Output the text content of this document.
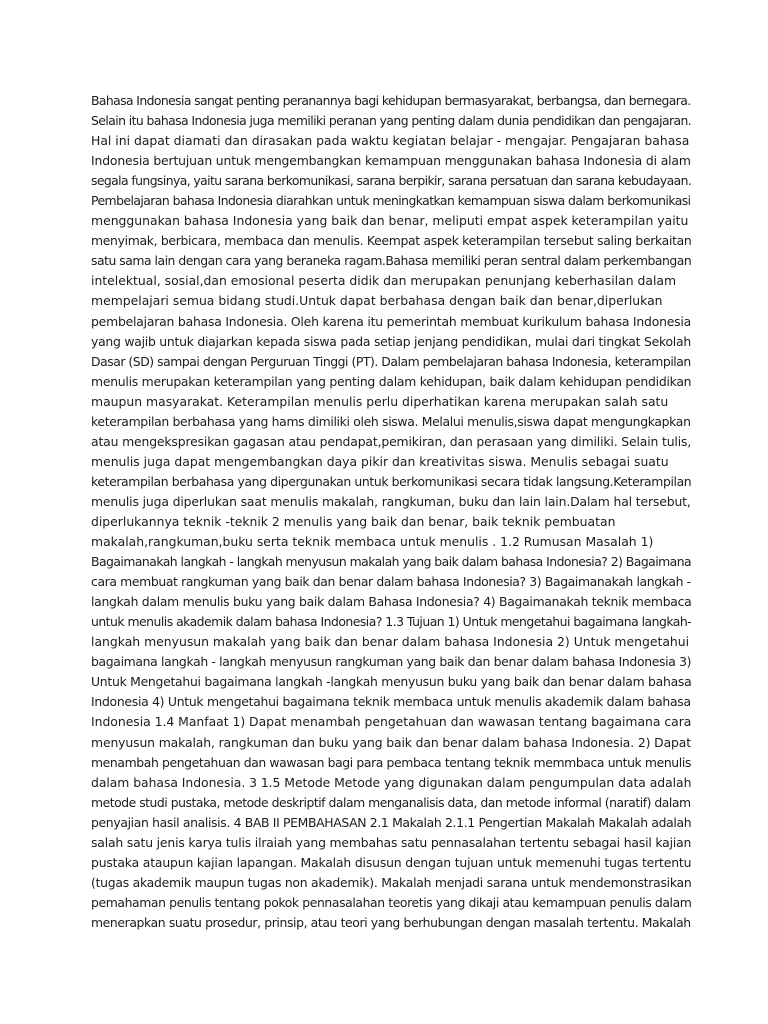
Bahasa Indonesia sangat penting peranannya bagi kehidupan bermasyarakat, berbangsa, dan bernegara.
Selain itu bahasa Indonesia juga memiliki peranan yang penting dalam dunia pendidikan dan pengajaran.
Hal ini dapat diamati dan dirasakan pada waktu kegiatan belajar - mengajar. Pengajaran bahasa
Indonesia bertujuan untuk mengembangkan kemampuan menggunakan bahasa Indonesia di alam
segala fungsinya, yaitu sarana berkomunikasi, sarana berpikir, sarana persatuan dan sarana kebudayaan.
Pembelajaran bahasa Indonesia diarahkan untuk meningkatkan kemampuan siswa dalam berkomunikasi
menggunakan bahasa Indonesia yang baik dan benar, meliputi empat aspek keterampilan yaitu
menyimak, berbicara, membaca dan menulis. Keempat aspek keterampilan tersebut saling berkaitan
satu sama lain dengan cara yang beraneka ragam.Bahasa memiliki peran sentral dalam perkembangan
intelektual, sosial,dan emosional peserta didik dan merupakan penunjang keberhasilan dalam
mempelajari semua bidang studi.Untuk dapat berbahasa dengan baik dan benar,diperlukan
pembelajaran bahasa Indonesia. Oleh karena itu pemerintah membuat kurikulum bahasa Indonesia
yang wajib untuk diajarkan kepada siswa pada setiap jenjang pendidikan, mulai dari tingkat Sekolah
Dasar (SD) sampai dengan Perguruan Tinggi (PT). Dalam pembelajaran bahasa Indonesia, keterampilan
menulis merupakan keterampilan yang penting dalam kehidupan, baik dalam kehidupan pendidikan
maupun masyarakat. Keterampilan menulis perlu diperhatikan karena merupakan salah satu
keterampilan berbahasa yang hams dimiliki oleh siswa. Melalui menulis,siswa dapat mengungkapkan
atau mengekspresikan gagasan atau pendapat,pemikiran, dan perasaan yang dimiliki. Selain tulis,
menulis juga dapat mengembangkan daya pikir dan kreativitas siswa. Menulis sebagai suatu
keterampilan berbahasa yang dipergunakan untuk berkomunikasi secara tidak langsung.Keterampilan
menulis juga diperlukan saat menulis makalah, rangkuman, buku dan lain lain.Dalam hal tersebut,
diperlukannya teknik -teknik 2 menulis yang baik dan benar, baik teknik pembuatan
makalah,rangkuman,buku serta teknik membaca untuk menulis . 1.2 Rumusan Masalah 1)
Bagaimanakah langkah - langkah menyusun makalah yang baik dalam bahasa Indonesia? 2) Bagaimana
cara membuat rangkuman yang baik dan benar dalam bahasa Indonesia? 3) Bagaimanakah langkah -
langkah dalam menulis buku yang baik dalam Bahasa Indonesia? 4) Bagaimanakah teknik membaca
untuk menulis akademik dalam bahasa Indonesia? 1.3 Tujuan 1) Untuk mengetahui bagaimana langkah-
langkah menyusun makalah yang baik dan benar dalam bahasa Indonesia 2) Untuk mengetahui
bagaimana langkah - langkah menyusun rangkuman yang baik dan benar dalam bahasa Indonesia 3)
Untuk Mengetahui bagaimana langkah -langkah menyusun buku yang baik dan benar dalam bahasa
Indonesia 4) Untuk mengetahui bagaimana teknik membaca untuk menulis akademik dalam bahasa
Indonesia 1.4 Manfaat 1) Dapat menambah pengetahuan dan wawasan tentang bagaimana cara
menyusun makalah, rangkuman dan buku yang baik dan benar dalam bahasa Indonesia. 2) Dapat
menambah pengetahuan dan wawasan bagi para pembaca tentang teknik memmbaca untuk menulis
dalam bahasa Indonesia. 3 1.5 Metode Metode yang digunakan dalam pengumpulan data adalah
metode studi pustaka, metode deskriptif dalam menganalisis data, dan metode informal (naratif) dalam
penyajian hasil analisis. 4 BAB II PEMBAHASAN 2.1 Makalah 2.1.1 Pengertian Makalah Makalah adalah
salah satu jenis karya tulis ilraiah yang membahas satu pennasalahan tertentu sebagai hasil kajian
pustaka ataupun kajian lapangan. Makalah disusun dengan tujuan untuk memenuhi tugas tertentu
(tugas akademik maupun tugas non akademik). Makalah menjadi sarana untuk mendemonstrasikan
pemahaman penulis tentang pokok pennasalahan teoretis yang dikaji atau kemampuan penulis dalam
menerapkan suatu prosedur, prinsip, atau teori yang berhubungan dengan masalah tertentu. Makalah
